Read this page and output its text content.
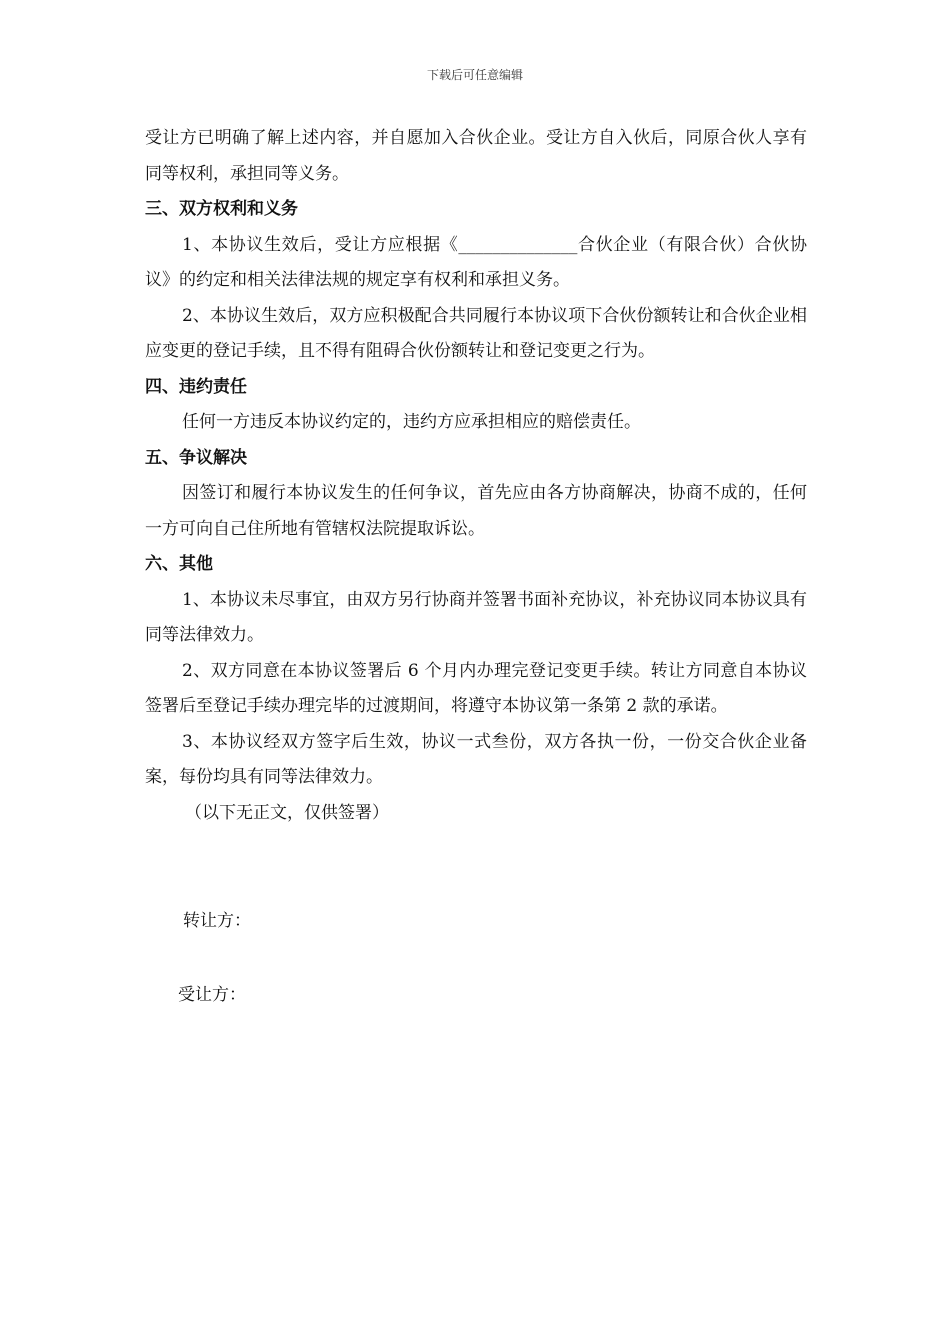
下载后可任意编辑

受让方已明确了解上述内容，并自愿加入合伙企业。受让方自入伙后，同原合伙人享有同等权利，承担同等义务。

三、双方权利和义务

1、本协议生效后，受让方应根据《______________合伙企业（有限合伙）合伙协议》的约定和相关法律法规的规定享有权利和承担义务。

2、本协议生效后，双方应积极配合共同履行本协议项下合伙份额转让和合伙企业相应变更的登记手续，且不得有阻碍合伙份额转让和登记变更之行为。

四、违约责任

任何一方违反本协议约定的，违约方应承担相应的赔偿责任。

五、争议解决

因签订和履行本协议发生的任何争议，首先应由各方协商解决，协商不成的，任何一方可向自己住所地有管辖权法院提取诉讼。

六、其他

1、本协议未尽事宜，由双方另行协商并签署书面补充协议，补充协议同本协议具有同等法律效力。

2、双方同意在本协议签署后 6 个月内办理完登记变更手续。转让方同意自本协议签署后至登记手续办理完毕的过渡期间，将遵守本协议第一条第 2 款的承诺。

3、本协议经双方签字后生效，协议一式叁份，双方各执一份，一份交合伙企业备案，每份均具有同等法律效力。

（以下无正文，仅供签署）

转让方：

受让方：
